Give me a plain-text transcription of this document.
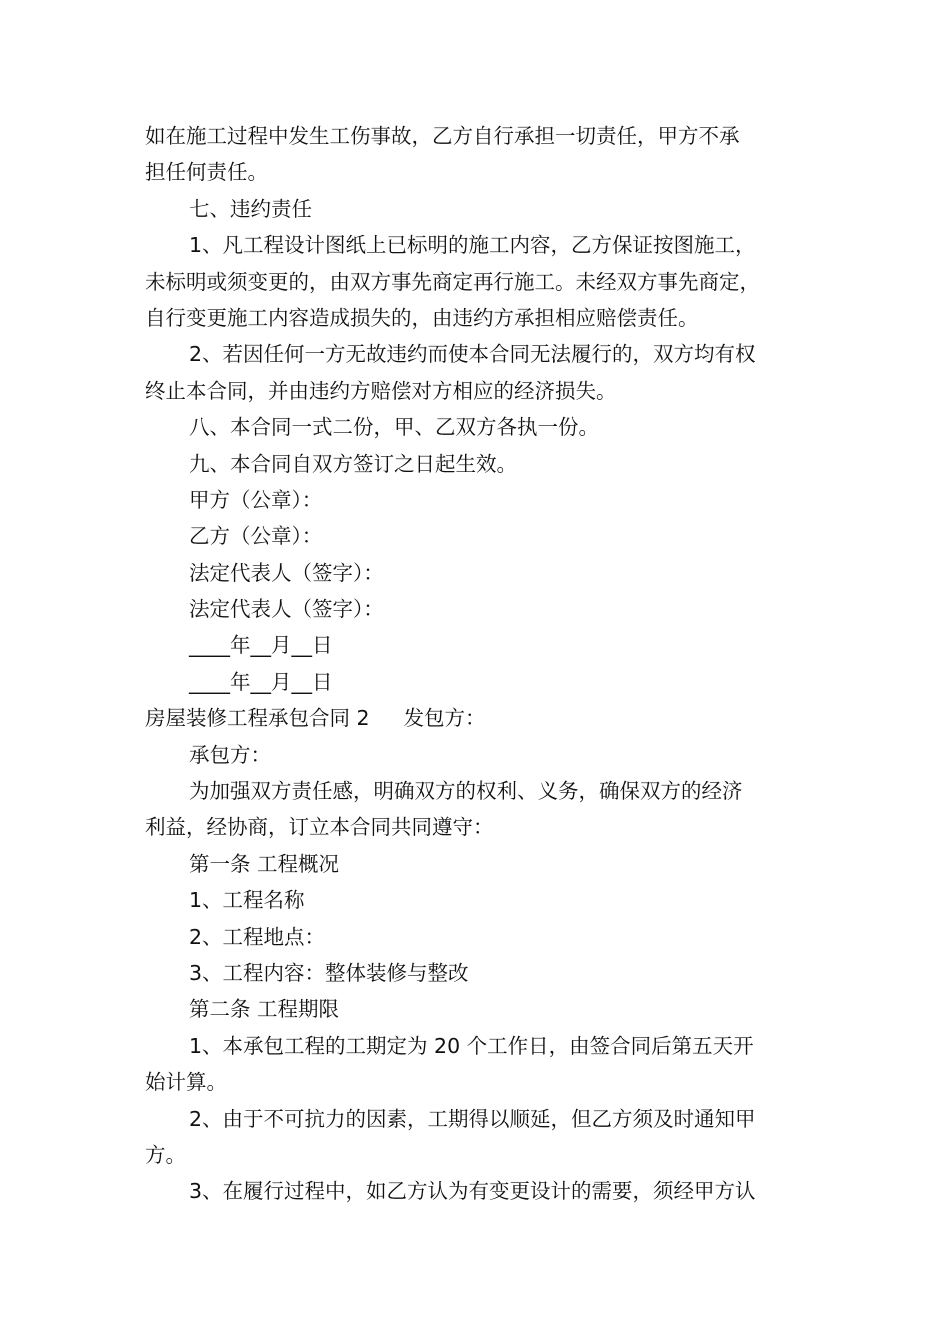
如在施工过程中发生工伤事故，乙方自行承担一切责任，甲方不承
担任何责任。
七、违约责任
1、凡工程设计图纸上已标明的施工内容，乙方保证按图施工，
未标明或须变更的，由双方事先商定再行施工。未经双方事先商定，
自行变更施工内容造成损失的，由违约方承担相应赔偿责任。
2、若因任何一方无故违约而使本合同无法履行的，双方均有权
终止本合同，并由违约方赔偿对方相应的经济损失。
八、本合同一式二份，甲、乙双方各执一份。
九、本合同自双方签订之日起生效。
甲方（公章）：
乙方（公章）：
法定代表人（签字）：
法定代表人（签字）：
____年__月__日
____年__月__日
房屋装修工程承包合同 2 发包方：
承包方：
为加强双方责任感，明确双方的权利、义务，确保双方的经济
利益，经协商，订立本合同共同遵守：
第一条 工程概况
1、工程名称
2、工程地点：
3、工程内容：整体装修与整改
第二条 工程期限
1、本承包工程的工期定为 20 个工作日，由签合同后第五天开
始计算。
2、由于不可抗力的因素，工期得以顺延，但乙方须及时通知甲
方。
3、在履行过程中，如乙方认为有变更设计的需要，须经甲方认
